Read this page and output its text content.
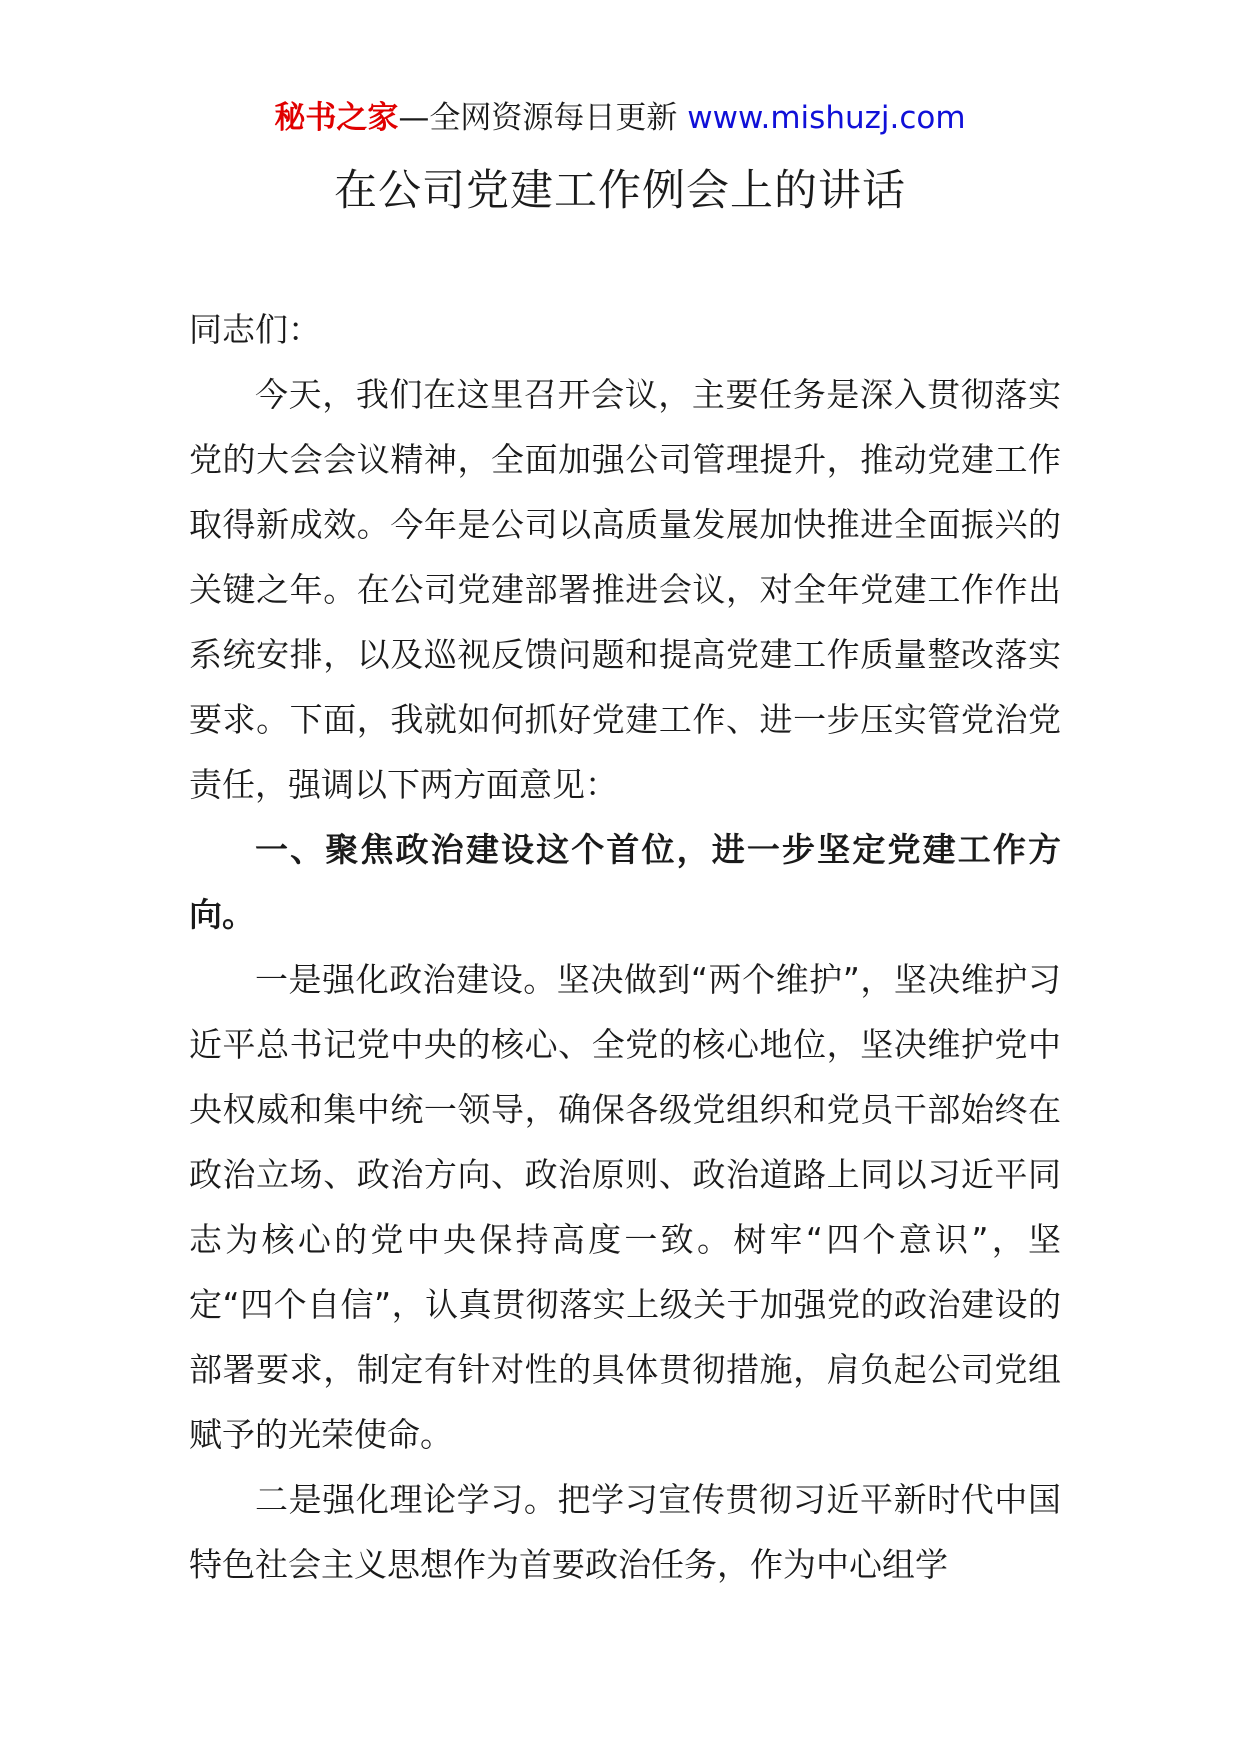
秘书之家—全网资源每日更新 www.mishuzj.com
在公司党建工作例会上的讲话

同志们：

今天，我们在这里召开会议，主要任务是深入贯彻落实党的大会会议精神，全面加强公司管理提升，推动党建工作取得新成效。今年是公司以高质量发展加快推进全面振兴的关键之年。在公司党建部署推进会议，对全年党建工作作出系统安排，以及巡视反馈问题和提高党建工作质量整改落实要求。下面，我就如何抓好党建工作、进一步压实管党治党责任，强调以下两方面意见：

一、聚焦政治建设这个首位，进一步坚定党建工作方向。

一是强化政治建设。坚决做到“两个维护”，坚决维护习近平总书记党中央的核心、全党的核心地位，坚决维护党中央权威和集中统一领导，确保各级党组织和党员干部始终在政治立场、政治方向、政治原则、政治道路上同以习近平同志为核心的党中央保持高度一致。树牢“四个意识”，坚定“四个自信”，认真贯彻落实上级关于加强党的政治建设的部署要求，制定有针对性的具体贯彻措施，肩负起公司党组赋予的光荣使命。

二是强化理论学习。把学习宣传贯彻习近平新时代中国特色社会主义思想作为首要政治任务，作为中心组学
